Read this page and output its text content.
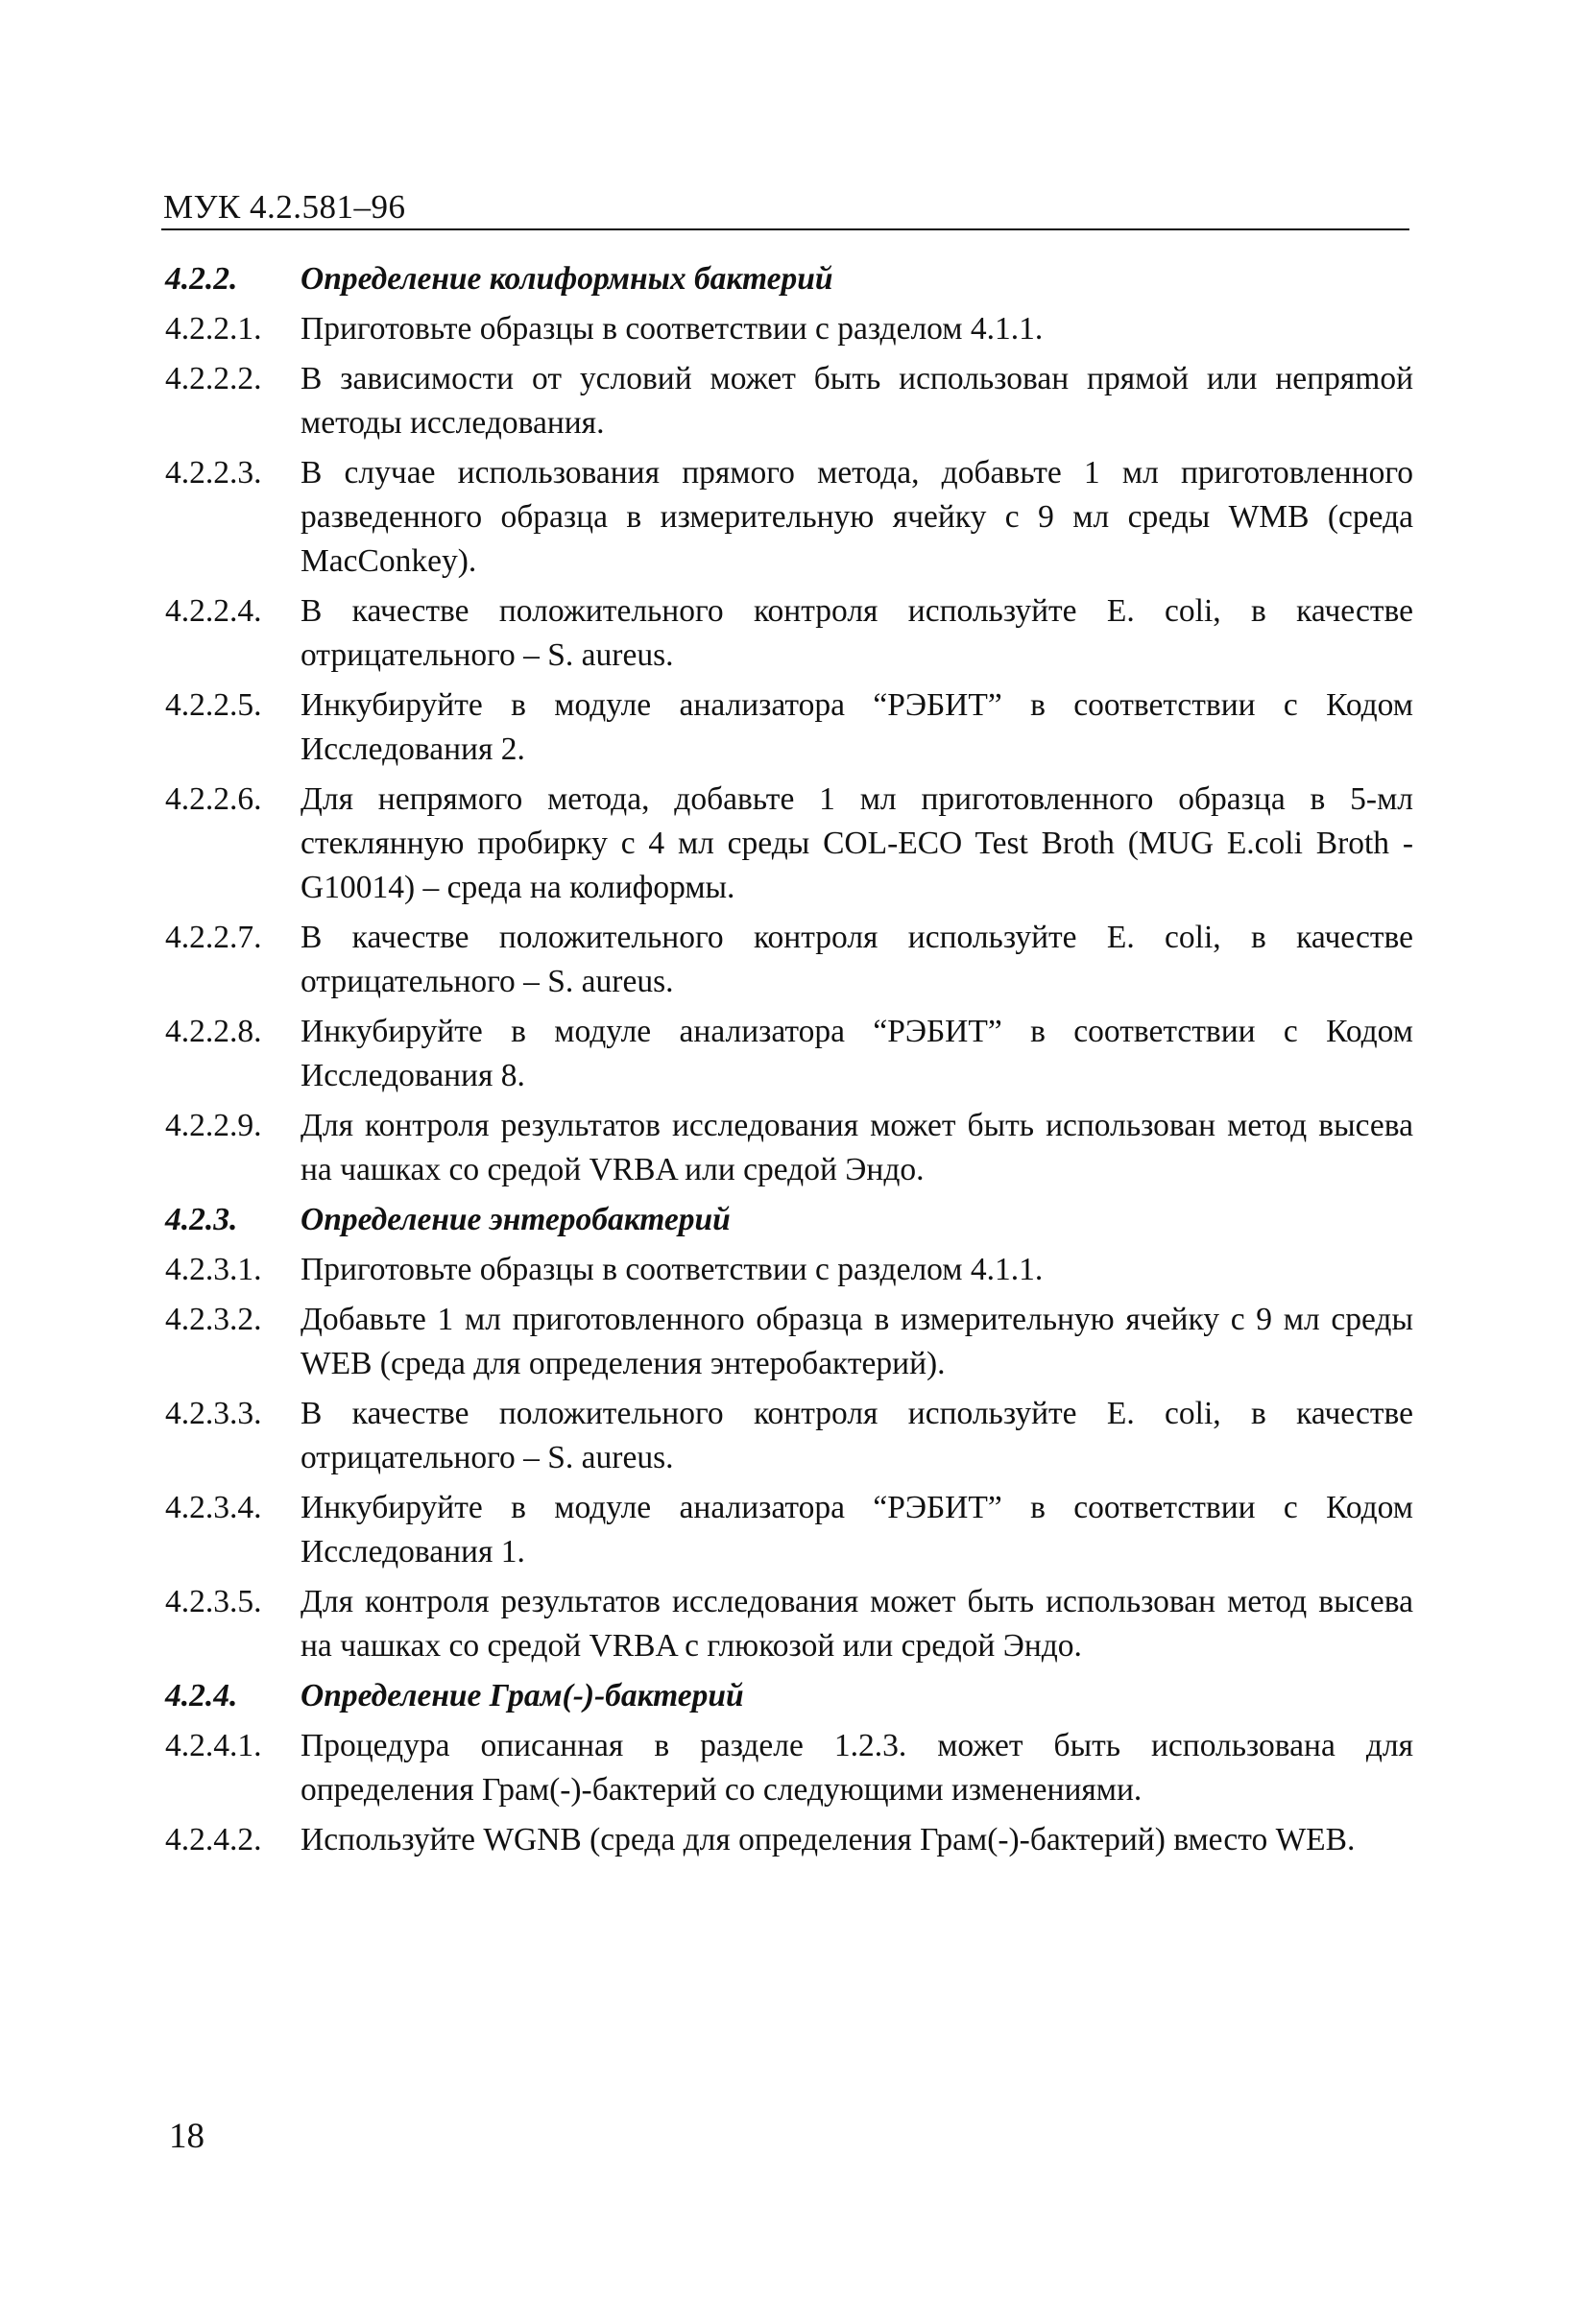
МУК 4.2.581–96
4.2.2.	Определение колиформных бактерий
4.2.2.1.	Приготовьте образцы в соответствии с разделом 4.1.1.
4.2.2.2.	В зависимости от условий может быть использован прямой или непряmой методы исследования.
4.2.2.3.	В случае использования прямого метода, добавьте 1 мл приготовленного разведенного образца в измерительную ячейку с 9 мл среды WMB (среда MacConkey).
4.2.2.4.	В качестве положительного контроля используйте E. coli, в качестве отрицательного – S. aureus.
4.2.2.5.	Инкубируйте в модуле анализатора “РЭБИТ” в соответствии с Кодом Исследования 2.
4.2.2.6.	Для непрямого метода, добавьте 1 мл приготовленного образца в 5-мл стеклянную пробирку с 4 мл среды COL-ECO Test Broth (MUG E.coli Broth -G10014) – среда на колиформы.
4.2.2.7.	В качестве положительного контроля используйте E. coli, в качестве отрицательного – S. aureus.
4.2.2.8.	Инкубируйте в модуле анализатора “РЭБИТ” в соответствии с Кодом Исследования 8.
4.2.2.9.	Для контроля результатов исследования может быть использован метод высева на чашках со средой VRBA или средой Эндо.
4.2.3.	Определение энтеробактерий
4.2.3.1.	Приготовьте образцы в соответствии с разделом 4.1.1.
4.2.3.2.	Добавьте 1 мл приготовленного образца в измерительную ячейку с 9 мл среды WEB (среда для определения энтеробактерий).
4.2.3.3.	В качестве положительного контроля используйте E. coli, в качестве отрицательного – S. aureus.
4.2.3.4.	Инкубируйте в модуле анализатора “РЭБИТ” в соответствии с Кодом Исследования 1.
4.2.3.5.	Для контроля результатов исследования может быть использован метод высева на чашках со средой VRBA с глюкозой или средой Эндо.
4.2.4.	Определение Грам(-)-бактерий
4.2.4.1.	Процедура описанная в разделе 1.2.3. может быть использована для определения Грам(-)-бактерий со следующими изменениями.
4.2.4.2.	Используйте WGNB (среда для определения Грам(-)-бактерий) вместо WEB.
18
